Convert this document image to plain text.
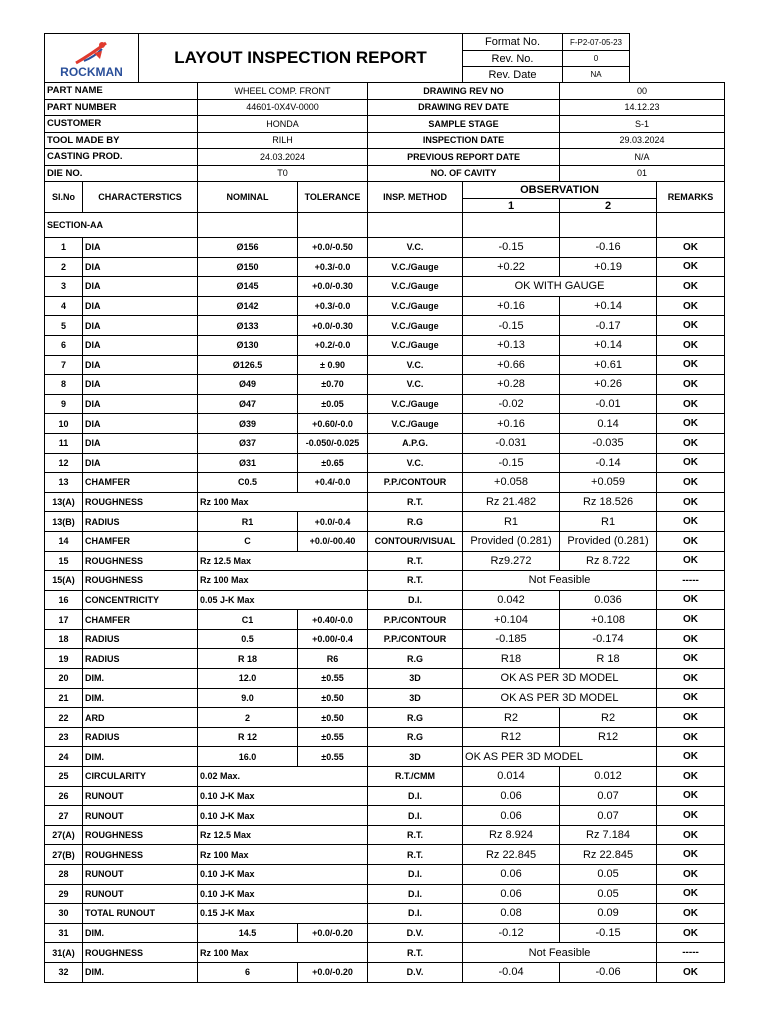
ROCKMAN	LAYOUT INSPECTION REPORT	Format No.	F-P2-07-05-23
		Rev. No.	0
		Rev. Date	NA
PART NAME		WHEEL COMP. FRONT		DRAWING REV NO		00	
PART NUMBER		44601-0X4V-0000		DRAWING REV DATE		14.12.23	
CUSTOMER		HONDA		SAMPLE STAGE		S-1	
TOOL MADE BY		RILH		INSPECTION DATE		29.03.2024	
CASTING PROD.		24.03.2024		PREVIOUS REPORT DATE		N/A	
DIE NO.		T0		NO. OF CAVITY		01	
Sl.No	CHARACTERSTICS	NOMINAL	TOLERANCE	INSP. METHOD	OBSERVATION		REMARKS
					1	2	
SECTION-AA							
1	DIA	Ø156	+0.0/-0.50	V.C.	-0.15	-0.16	OK
2	DIA	Ø150	+0.3/-0.0	V.C./Gauge	+0.22	+0.19	OK
3	DIA	Ø145	+0.0/-0.30	V.C./Gauge	OK WITH GAUGE		OK
4	DIA	Ø142	+0.3/-0.0	V.C./Gauge	+0.16	+0.14	OK
5	DIA	Ø133	+0.0/-0.30	V.C./Gauge	-0.15	-0.17	OK
6	DIA	Ø130	+0.2/-0.0	V.C./Gauge	+0.13	+0.14	OK
7	DIA	Ø126.5	± 0.90	V.C.	+0.66	+0.61	OK
8	DIA	Ø49	±0.70	V.C.	+0.28	+0.26	OK
9	DIA	Ø47	±0.05	V.C./Gauge	-0.02	-0.01	OK
10	DIA	Ø39	+0.60/-0.0	V.C./Gauge	+0.16	0.14	OK
11	DIA	Ø37	-0.050/-0.025	A.P.G.	-0.031	-0.035	OK
12	DIA	Ø31	±0.65	V.C.	-0.15	-0.14	OK
13	CHAMFER	C0.5	+0.4/-0.0	P.P./CONTOUR	+0.058	+0.059	OK
13(A)	ROUGHNESS	Rz 100 Max		R.T.	Rz 21.482	Rz 18.526	OK
13(B)	RADIUS	R1	+0.0/-0.4	R.G	R1	R1	OK
14	CHAMFER	C	+0.0/-00.40	CONTOUR/VISUAL	Provided (0.281)	Provided (0.281)	OK
15	ROUGHNESS	Rz 12.5 Max		R.T.	Rz9.272	Rz 8.722	OK
15(A)	ROUGHNESS	Rz 100 Max		R.T.	Not Feasible		-----
16	CONCENTRICITY	0.05 J-K Max		D.I.	0.042	0.036	OK
17	CHAMFER	C1	+0.40/-0.0	P.P./CONTOUR	+0.104	+0.108	OK
18	RADIUS	0.5	+0.00/-0.4	P.P./CONTOUR	-0.185	-0.174	OK
19	RADIUS	R 18	R6	R.G	R18	R 18	OK
20	DIM.	12.0	±0.55	3D	OK AS PER 3D MODEL		OK
21	DIM.	9.0	±0.50	3D	OK AS PER 3D MODEL		OK
22	ARD	2	±0.50	R.G	R2	R2	OK
23	RADIUS	R 12	±0.55	R.G	R12	R12	OK
24	DIM.	16.0	±0.55	3D	OK AS PER 3D MODEL		OK
25	CIRCULARITY	0.02 Max.		R.T./CMM	0.014	0.012	OK
26	RUNOUT	0.10 J-K Max		D.I.	0.06	0.07	OK
27	RUNOUT	0.10 J-K Max		D.I.	0.06	0.07	OK
27(A)	ROUGHNESS	Rz 12.5 Max		R.T.	Rz 8.924	Rz 7.184	OK
27(B)	ROUGHNESS	Rz 100 Max		R.T.	Rz 22.845	Rz 22.845	OK
28	RUNOUT	0.10 J-K Max		D.I.	0.06	0.05	OK
29	RUNOUT	0.10 J-K Max		D.I.	0.06	0.05	OK
30	TOTAL RUNOUT	0.15 J-K Max		D.I.	0.08	0.09	OK
31	DIM.	14.5	+0.0/-0.20	D.V.	-0.12	-0.15	OK
31(A)	ROUGHNESS	Rz 100 Max		R.T.	Not Feasible		-----
32	DIM.	6	+0.0/-0.20	D.V.	-0.04	-0.06	OK
